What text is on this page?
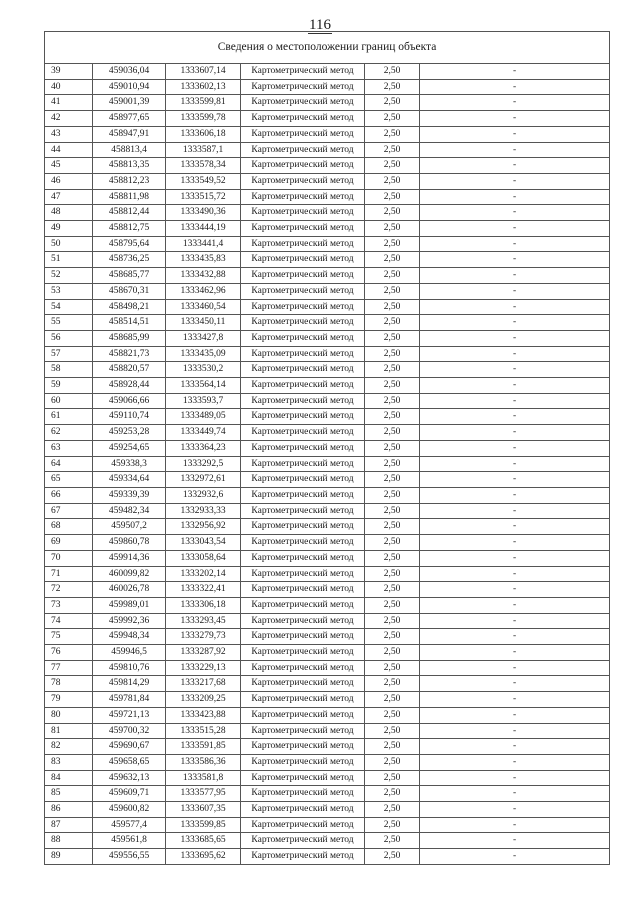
116
Сведения о местоположении границ объекта					
39	459036,04	1333607,14	Картометрический метод	2,50	-
40	459010,94	1333602,13	Картометрический метод	2,50	-
41	459001,39	1333599,81	Картометрический метод	2,50	-
42	458977,65	1333599,78	Картометрический метод	2,50	-
43	458947,91	1333606,18	Картометрический метод	2,50	-
44	458813,4	1333587,1	Картометрический метод	2,50	-
45	458813,35	1333578,34	Картометрический метод	2,50	-
46	458812,23	1333549,52	Картометрический метод	2,50	-
47	458811,98	1333515,72	Картометрический метод	2,50	-
48	458812,44	1333490,36	Картометрический метод	2,50	-
49	458812,75	1333444,19	Картометрический метод	2,50	-
50	458795,64	1333441,4	Картометрический метод	2,50	-
51	458736,25	1333435,83	Картометрический метод	2,50	-
52	458685,77	1333432,88	Картометрический метод	2,50	-
53	458670,31	1333462,96	Картометрический метод	2,50	-
54	458498,21	1333460,54	Картометрический метод	2,50	-
55	458514,51	1333450,11	Картометрический метод	2,50	-
56	458685,99	1333427,8	Картометрический метод	2,50	-
57	458821,73	1333435,09	Картометрический метод	2,50	-
58	458820,57	1333530,2	Картометрический метод	2,50	-
59	458928,44	1333564,14	Картометрический метод	2,50	-
60	459066,66	1333593,7	Картометрический метод	2,50	-
61	459110,74	1333489,05	Картометрический метод	2,50	-
62	459253,28	1333449,74	Картометрический метод	2,50	-
63	459254,65	1333364,23	Картометрический метод	2,50	-
64	459338,3	1333292,5	Картометрический метод	2,50	-
65	459334,64	1332972,61	Картометрический метод	2,50	-
66	459339,39	1332932,6	Картометрический метод	2,50	-
67	459482,34	1332933,33	Картометрический метод	2,50	-
68	459507,2	1332956,92	Картометрический метод	2,50	-
69	459860,78	1333043,54	Картометрический метод	2,50	-
70	459914,36	1333058,64	Картометрический метод	2,50	-
71	460099,82	1333202,14	Картометрический метод	2,50	-
72	460026,78	1333322,41	Картометрический метод	2,50	-
73	459989,01	1333306,18	Картометрический метод	2,50	-
74	459992,36	1333293,45	Картометрический метод	2,50	-
75	459948,34	1333279,73	Картометрический метод	2,50	-
76	459946,5	1333287,92	Картометрический метод	2,50	-
77	459810,76	1333229,13	Картометрический метод	2,50	-
78	459814,29	1333217,68	Картометрический метод	2,50	-
79	459781,84	1333209,25	Картометрический метод	2,50	-
80	459721,13	1333423,88	Картометрический метод	2,50	-
81	459700,32	1333515,28	Картометрический метод	2,50	-
82	459690,67	1333591,85	Картометрический метод	2,50	-
83	459658,65	1333586,36	Картометрический метод	2,50	-
84	459632,13	1333581,8	Картометрический метод	2,50	-
85	459609,71	1333577,95	Картометрический метод	2,50	-
86	459600,82	1333607,35	Картометрический метод	2,50	-
87	459577,4	1333599,85	Картометрический метод	2,50	-
88	459561,8	1333685,65	Картометрический метод	2,50	-
89	459556,55	1333695,62	Картометрический метод	2,50	-
